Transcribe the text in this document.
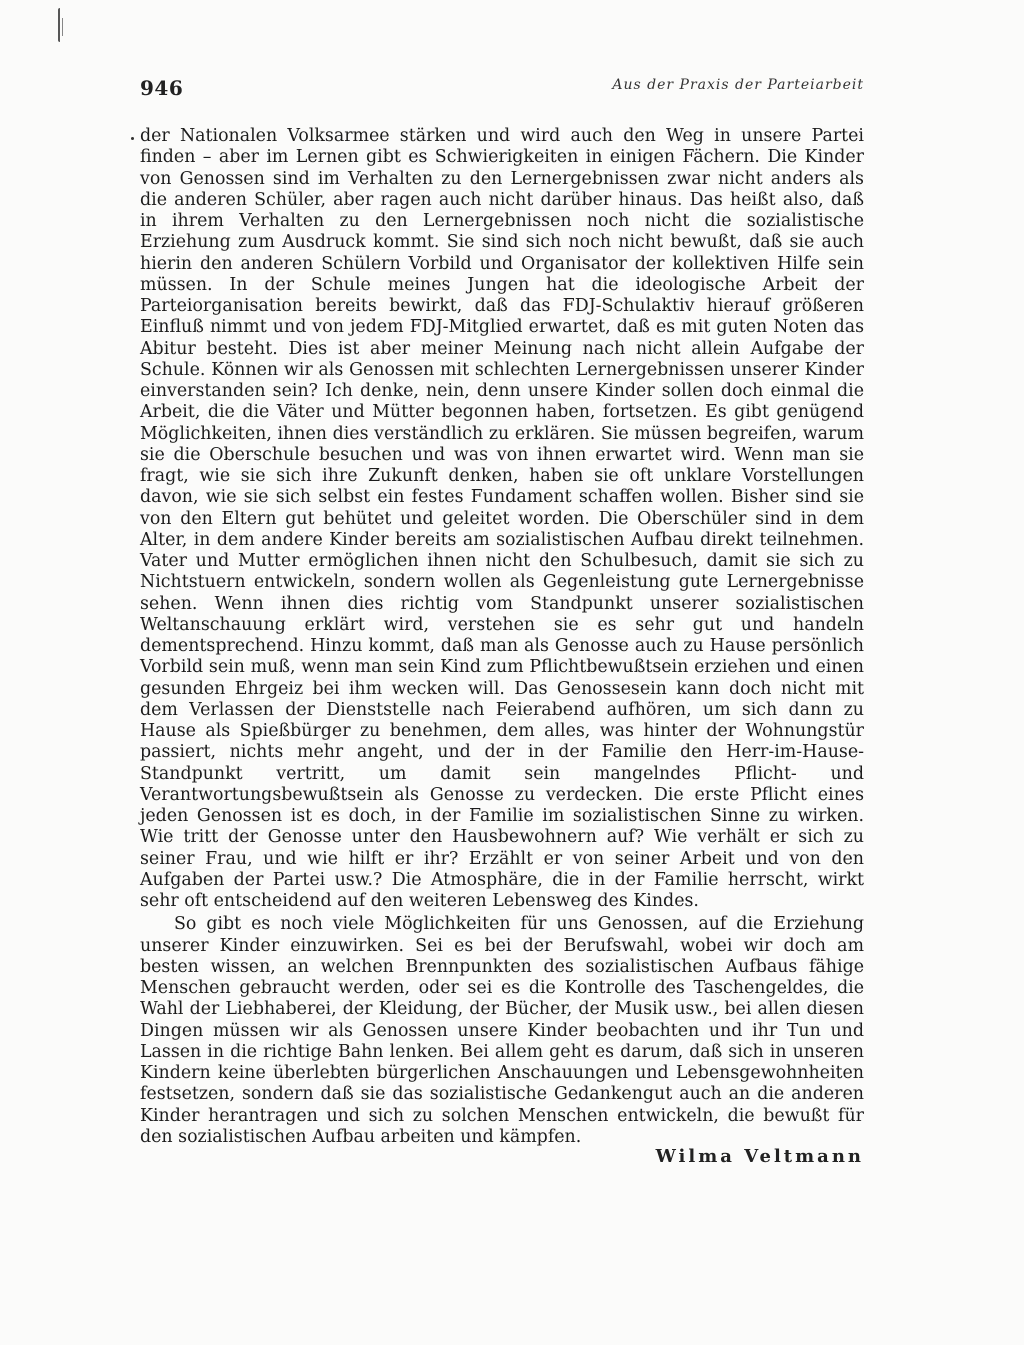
946	Aus der Praxis der Parteiarbeit

der Nationalen Volksarmee stärken und wird auch den Weg in unsere Partei finden – aber im Lernen gibt es Schwierigkeiten in einigen Fächern. Die Kinder von Genossen sind im Verhalten zu den Lernergebnissen zwar nicht anders als die anderen Schüler, aber ragen auch nicht darüber hinaus. Das heißt also, daß in ihrem Verhalten zu den Lernergebnissen noch nicht die sozialistische Erziehung zum Ausdruck kommt. Sie sind sich noch nicht bewußt, daß sie auch hierin den anderen Schülern Vorbild und Organisator der kollektiven Hilfe sein müssen. In der Schule meines Jungen hat die ideologische Arbeit der Parteiorganisation bereits bewirkt, daß das FDJ-Schulaktiv hierauf größeren Einfluß nimmt und von jedem FDJ-Mitglied erwartet, daß es mit guten Noten das Abitur besteht. Dies ist aber meiner Meinung nach nicht allein Aufgabe der Schule. Können wir als Genossen mit schlechten Lernergebnissen unserer Kinder einverstanden sein? Ich denke, nein, denn unsere Kinder sollen doch einmal die Arbeit, die die Väter und Mütter begonnen haben, fortsetzen. Es gibt genügend Möglichkeiten, ihnen dies verständlich zu erklären. Sie müssen begreifen, warum sie die Oberschule besuchen und was von ihnen erwartet wird. Wenn man sie fragt, wie sie sich ihre Zukunft denken, haben sie oft unklare Vorstellungen davon, wie sie sich selbst ein festes Fundament schaffen wollen. Bisher sind sie von den Eltern gut behütet und geleitet worden. Die Oberschüler sind in dem Alter, in dem andere Kinder bereits am sozialistischen Aufbau direkt teilnehmen. Vater und Mutter ermöglichen ihnen nicht den Schulbesuch, damit sie sich zu Nichtstuern entwickeln, sondern wollen als Gegenleistung gute Lernergebnisse sehen. Wenn ihnen dies richtig vom Standpunkt unserer sozialistischen Weltanschauung erklärt wird, verstehen sie es sehr gut und handeln dementsprechend. Hinzu kommt, daß man als Genosse auch zu Hause persönlich Vorbild sein muß, wenn man sein Kind zum Pflichtbewußtsein erziehen und einen gesunden Ehrgeiz bei ihm wecken will. Das Genossesein kann doch nicht mit dem Verlassen der Dienststelle nach Feierabend aufhören, um sich dann zu Hause als Spießbürger zu benehmen, dem alles, was hinter der Wohnungstür passiert, nichts mehr angeht, und der in der Familie den Herr-im-Hause-Standpunkt vertritt, um damit sein mangelndes Pflicht- und Verantwortungsbewußtsein als Genosse zu verdecken. Die erste Pflicht eines jeden Genossen ist es doch, in der Familie im sozialistischen Sinne zu wirken. Wie tritt der Genosse unter den Hausbewohnern auf? Wie verhält er sich zu seiner Frau, und wie hilft er ihr? Erzählt er von seiner Arbeit und von den Aufgaben der Partei usw.? Die Atmosphäre, die in der Familie herrscht, wirkt sehr oft entscheidend auf den weiteren Lebensweg des Kindes.

So gibt es noch viele Möglichkeiten für uns Genossen, auf die Erziehung unserer Kinder einzuwirken. Sei es bei der Berufswahl, wobei wir doch am besten wissen, an welchen Brennpunkten des sozialistischen Aufbaus fähige Menschen gebraucht werden, oder sei es die Kontrolle des Taschengeldes, die Wahl der Liebhaberei, der Kleidung, der Bücher, der Musik usw., bei allen diesen Dingen müssen wir als Genossen unsere Kinder beobachten und ihr Tun und Lassen in die richtige Bahn lenken. Bei allem geht es darum, daß sich in unseren Kindern keine überlebten bürgerlichen Anschauungen und Lebensgewohnheiten festsetzen, sondern daß sie das sozialistische Gedankengut auch an die anderen Kinder herantragen und sich zu solchen Menschen entwickeln, die bewußt für den sozialistischen Aufbau arbeiten und kämpfen.

Wilma Veltmann
